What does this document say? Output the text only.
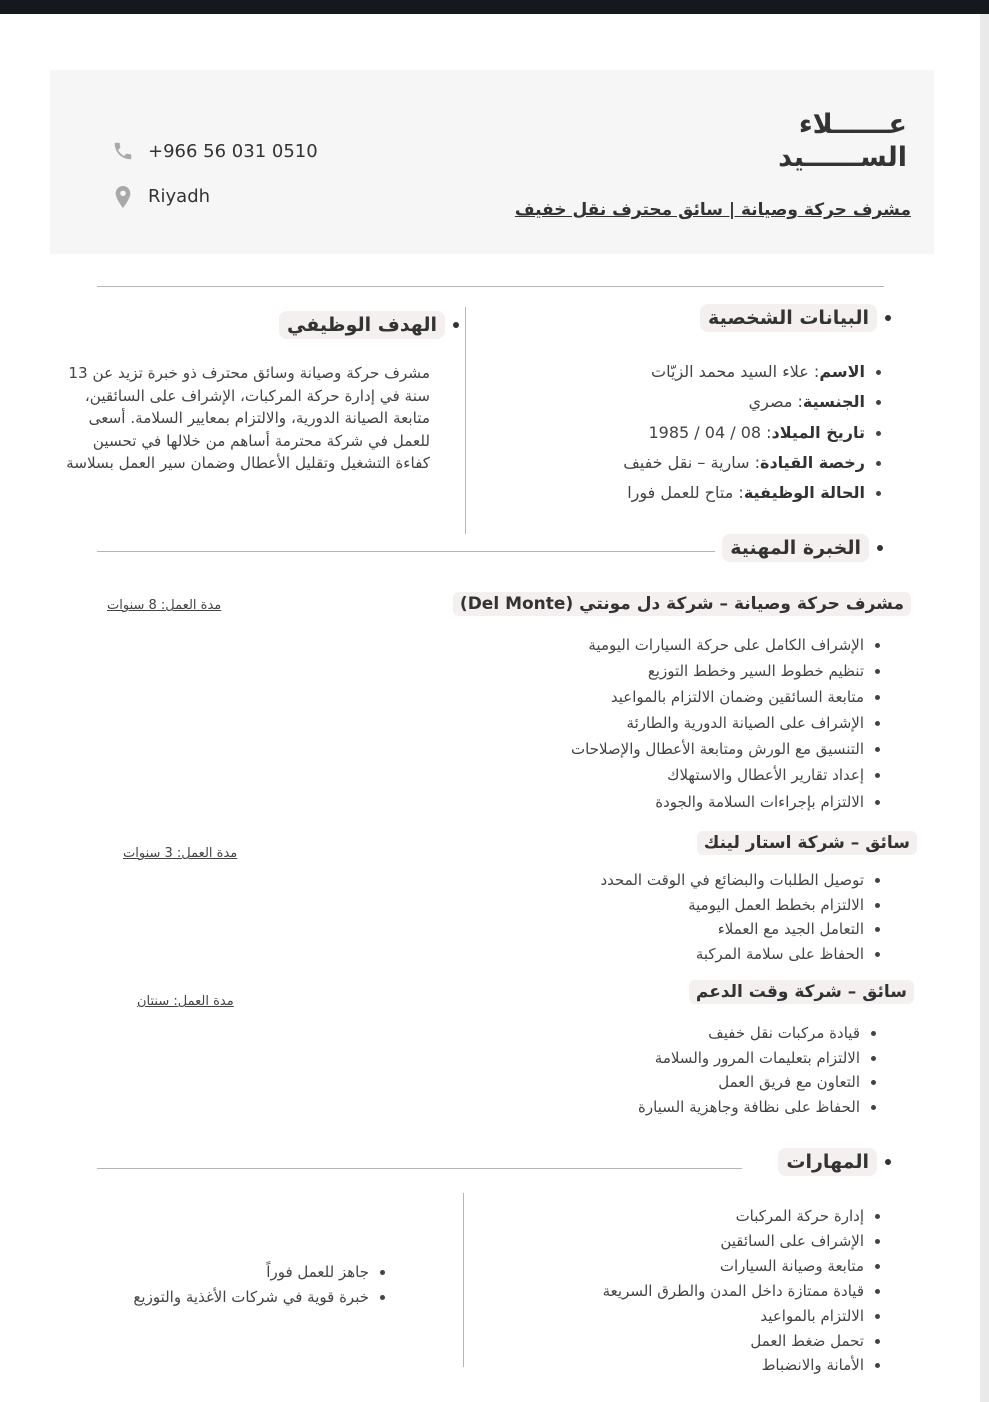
عــــــلاء الســــــيد
مشرف حركة وصيانة | سائق محترف نقل خفيف
+966 56 031 0510
Riyadh
البيانات الشخصية
الاسم: علاء السيد محمد الزيّات
الجنسية: مصري
تاريخ الميلاد: 08 / 04 / 1985
رخصة القيادة: سارية – نقل خفيف
الحالة الوظيفية: متاح للعمل فورا
الهدف الوظيفي
مشرف حركة وصيانة وسائق محترف ذو خبرة تزيد عن 13 سنة في إدارة حركة المركبات، الإشراف على السائقين، متابعة الصيانة الدورية، والالتزام بمعايير السلامة. أسعى للعمل في شركة محترمة أساهم من خلالها في تحسين كفاءة التشغيل وتقليل الأعطال وضمان سير العمل بسلاسة
الخبرة المهنية
مشرف حركة وصيانة – شركة دل مونتي (Del Monte)
مدة العمل: 8 سنوات
الإشراف الكامل على حركة السيارات اليومية
تنظيم خطوط السير وخطط التوزيع
متابعة السائقين وضمان الالتزام بالمواعيد
الإشراف على الصيانة الدورية والطارئة
التنسيق مع الورش ومتابعة الأعطال والإصلاحات
إعداد تقارير الأعطال والاستهلاك
الالتزام بإجراءات السلامة والجودة
سائق – شركة استار لينك
مدة العمل: 3 سنوات
توصيل الطلبات والبضائع في الوقت المحدد
الالتزام بخطط العمل اليومية
التعامل الجيد مع العملاء
الحفاظ على سلامة المركبة
سائق – شركة وقت الدعم
مدة العمل: سنتان
قيادة مركبات نقل خفيف
الالتزام بتعليمات المرور والسلامة
التعاون مع فريق العمل
الحفاظ على نظافة وجاهزية السيارة
المهارات
إدارة حركة المركبات
الإشراف على السائقين
متابعة وصيانة السيارات
قيادة ممتازة داخل المدن والطرق السريعة
الالتزام بالمواعيد
تحمل ضغط العمل
الأمانة والانضباط
جاهز للعمل فوراً
خبرة قوية في شركات الأغذية والتوزيع
